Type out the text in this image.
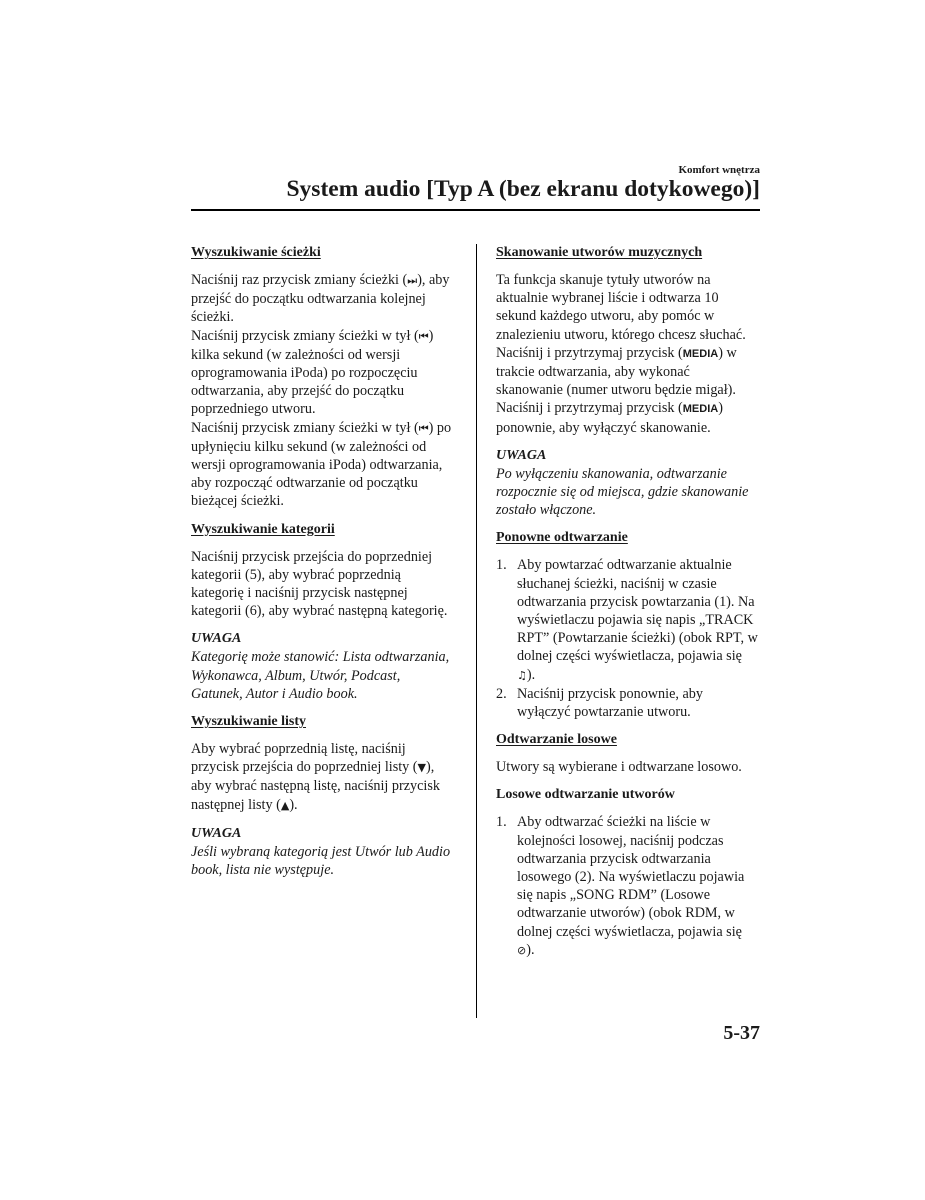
Komfort wnętrza
System audio [Typ A (bez ekranu dotykowego)]
Wyszukiwanie ścieżki

Naciśnij raz przycisk zmiany ścieżki (⏭), aby przejść do początku odtwarzania kolejnej ścieżki.

Naciśnij przycisk zmiany ścieżki w tył (⏮) kilka sekund (w zależności od wersji oprogramowania iPoda) po rozpoczęciu odtwarzania, aby przejść do początku poprzedniego utworu.

Naciśnij przycisk zmiany ścieżki w tył (⏮) po upłynięciu kilku sekund (w zależności od wersji oprogramowania iPoda) odtwarzania, aby rozpocząć odtwarzanie od początku bieżącej ścieżki.

Wyszukiwanie kategorii

Naciśnij przycisk przejścia do poprzedniej kategorii (5), aby wybrać poprzednią kategorię i naciśnij przycisk następnej kategorii (6), aby wybrać następną kategorię.

UWAGA

Kategorię może stanowić: Lista odtwarzania, Wykonawca, Album, Utwór, Podcast, Gatunek, Autor i Audio book.

Wyszukiwanie listy

Aby wybrać poprzednią listę, naciśnij przycisk przejścia do poprzedniej listy (▼), aby wybrać następną listę, naciśnij przycisk następnej listy (▲).

UWAGA

Jeśli wybraną kategorią jest Utwór lub Audio book, lista nie występuje.

Skanowanie utworów muzycznych

Ta funkcja skanuje tytuły utworów na aktualnie wybranej liście i odtwarza 10 sekund każdego utworu, aby pomóc w znalezieniu utworu, którego chcesz słuchać.

Naciśnij i przytrzymaj przycisk (MEDIA) w trakcie odtwarzania, aby wykonać skanowanie (numer utworu będzie migał).

Naciśnij i przytrzymaj przycisk (MEDIA) ponownie, aby wyłączyć skanowanie.

UWAGA

Po wyłączeniu skanowania, odtwarzanie rozpocznie się od miejsca, gdzie skanowanie zostało włączone.

Ponowne odtwarzanie
1. Aby powtarzać odtwarzanie aktualnie słuchanej ścieżki, naciśnij w czasie odtwarzania przycisk powtarzania (1). Na wyświetlaczu pojawia się napis „TRACK RPT” (Powtarzanie ścieżki) (obok RPT, w dolnej części wyświetlacza, pojawia się ♫).
2. Naciśnij przycisk ponownie, aby wyłączyć powtarzanie utworu.
Odtwarzanie losowe

Utwory są wybierane i odtwarzane losowo.

Losowe odtwarzanie utworów
1. Aby odtwarzać ścieżki na liście w kolejności losowej, naciśnij podczas odtwarzania przycisk odtwarzania losowego (2). Na wyświetlaczu pojawia się napis „SONG RDM” (Losowe odtwarzanie utworów) (obok RDM, w dolnej części wyświetlacza, pojawia się ⊘).
5-37
